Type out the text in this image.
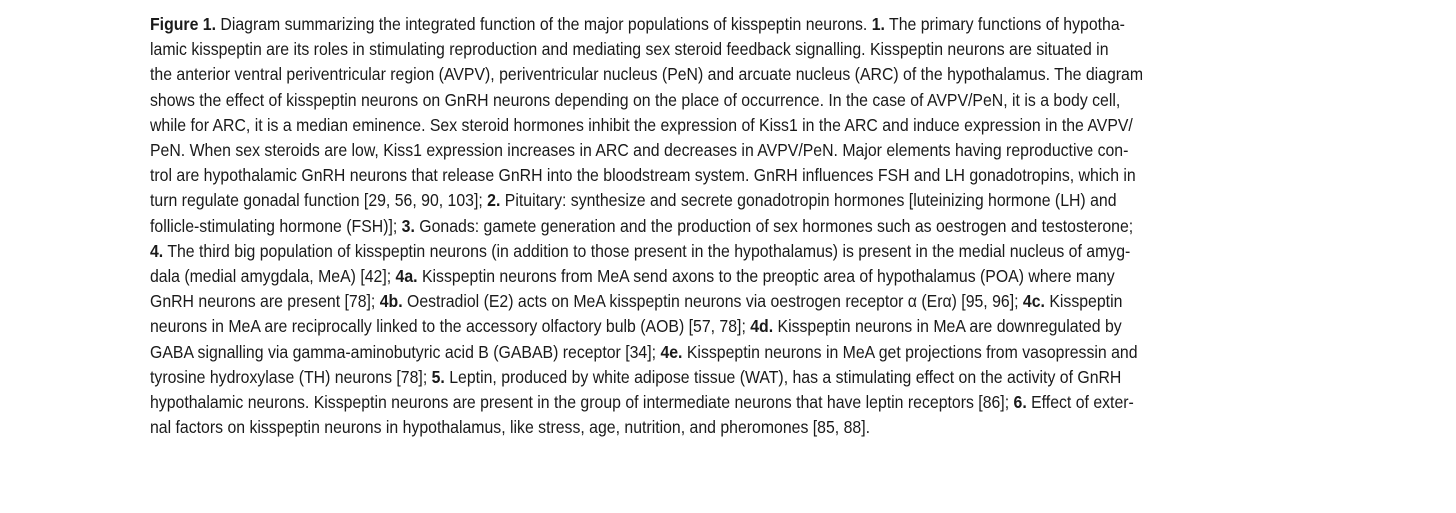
Figure 1. Diagram summarizing the integrated function of the major populations of kisspeptin neurons. 1. The primary functions of hypotha-
lamic kisspeptin are its roles in stimulating reproduction and mediating sex steroid feedback signalling. Kisspeptin neurons are situated in
the anterior ventral periventricular region (AVPV), periventricular nucleus (PeN) and arcuate nucleus (ARC) of the hypothalamus. The diagram
shows the effect of kisspeptin neurons on GnRH neurons depending on the place of occurrence. In the case of AVPV/PeN, it is a body cell,
while for ARC, it is a median eminence. Sex steroid hormones inhibit the expression of Kiss1 in the ARC and induce expression in the AVPV/
PeN. When sex steroids are low, Kiss1 expression increases in ARC and decreases in AVPV/PeN. Major elements having reproductive con-
trol are hypothalamic GnRH neurons that release GnRH into the bloodstream system. GnRH influences FSH and LH gonadotropins, which in
turn regulate gonadal function [29, 56, 90, 103]; 2. Pituitary: synthesize and secrete gonadotropin hormones [luteinizing hormone (LH) and
follicle-stimulating hormone (FSH)]; 3. Gonads: gamete generation and the production of sex hormones such as oestrogen and testosterone;
4. The third big population of kisspeptin neurons (in addition to those present in the hypothalamus) is present in the medial nucleus of amyg-
dala (medial amygdala, MeA) [42]; 4a. Kisspeptin neurons from MeA send axons to the preoptic area of hypothalamus (POA) where many
GnRH neurons are present [78]; 4b. Oestradiol (E2) acts on MeA kisspeptin neurons via oestrogen receptor α (Erα) [95, 96]; 4c. Kisspeptin
neurons in MeA are reciprocally linked to the accessory olfactory bulb (AOB) [57, 78]; 4d. Kisspeptin neurons in MeA are downregulated by
GABA signalling via gamma-aminobutyric acid B (GABAB) receptor [34]; 4e. Kisspeptin neurons in MeA get projections from vasopressin and
tyrosine hydroxylase (TH) neurons [78]; 5. Leptin, produced by white adipose tissue (WAT), has a stimulating effect on the activity of GnRH
hypothalamic neurons. Kisspeptin neurons are present in the group of intermediate neurons that have leptin receptors [86]; 6. Effect of exter-
nal factors on kisspeptin neurons in hypothalamus, like stress, age, nutrition, and pheromones [85, 88].
